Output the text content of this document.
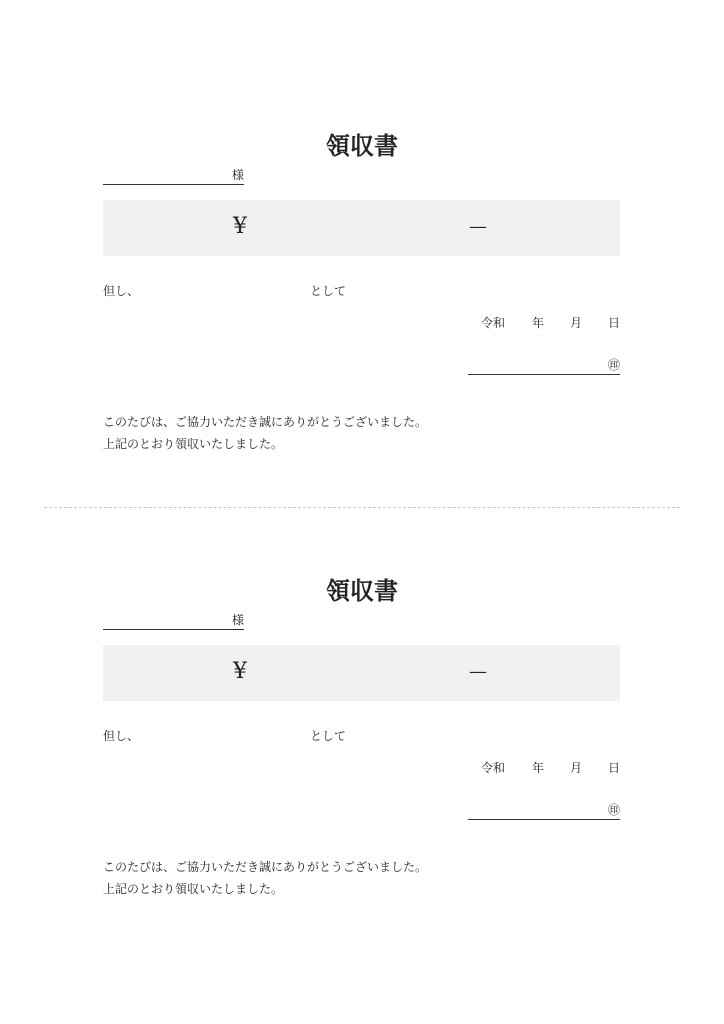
領収書
様
¥	—
但し、	として
令和 年 月 日
㊞
このたびは、ご協力いただき誠にありがとうございました。
上記のとおり領収いたしました。
領収書
様
¥	—
但し、	として
令和 年 月 日
㊞
このたびは、ご協力いただき誠にありがとうございました。
上記のとおり領収いたしました。
